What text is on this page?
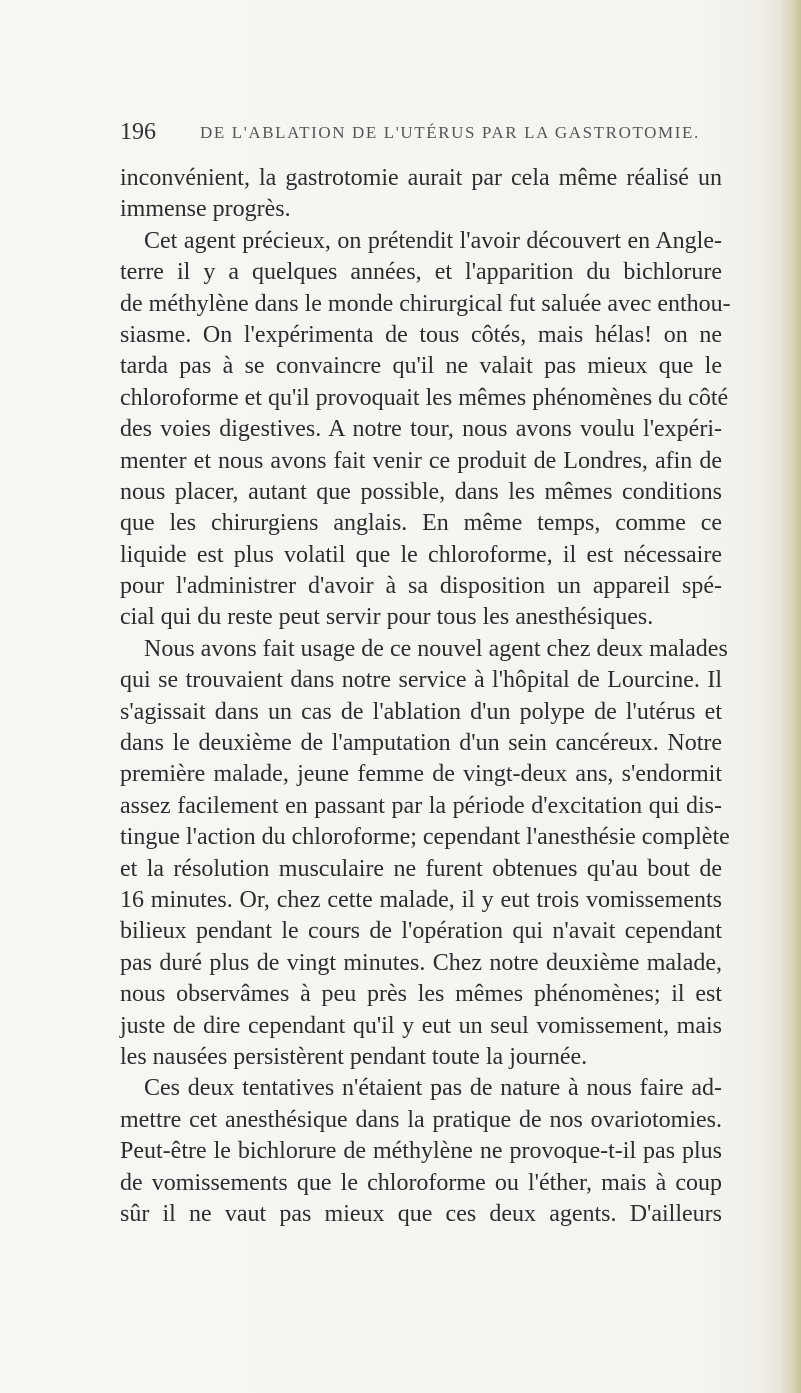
196	DE L'ABLATION DE L'UTÉRUS PAR LA GASTROTOMIE.
inconvénient, la gastrotomie aurait par cela même réalisé un
immense progrès.
Cet agent précieux, on prétendit l'avoir découvert en Angle-
terre il y a quelques années, et l'apparition du bichlorure
de méthylène dans le monde chirurgical fut saluée avec enthou-
siasme. On l'expérimenta de tous côtés, mais hélas! on ne
tarda pas à se convaincre qu'il ne valait pas mieux que le
chloroforme et qu'il provoquait les mêmes phénomènes du côté
des voies digestives. A notre tour, nous avons voulu l'expéri-
menter et nous avons fait venir ce produit de Londres, afin de
nous placer, autant que possible, dans les mêmes conditions
que les chirurgiens anglais. En même temps, comme ce
liquide est plus volatil que le chloroforme, il est nécessaire
pour l'administrer d'avoir à sa disposition un appareil spé-
cial qui du reste peut servir pour tous les anesthésiques.
Nous avons fait usage de ce nouvel agent chez deux malades
qui se trouvaient dans notre service à l'hôpital de Lourcine. Il
s'agissait dans un cas de l'ablation d'un polype de l'utérus et
dans le deuxième de l'amputation d'un sein cancéreux. Notre
première malade, jeune femme de vingt-deux ans, s'endormit
assez facilement en passant par la période d'excitation qui dis-
tingue l'action du chloroforme; cependant l'anesthésie complète
et la résolution musculaire ne furent obtenues qu'au bout de
16 minutes. Or, chez cette malade, il y eut trois vomissements
bilieux pendant le cours de l'opération qui n'avait cependant
pas duré plus de vingt minutes. Chez notre deuxième malade,
nous observâmes à peu près les mêmes phénomènes; il est
juste de dire cependant qu'il y eut un seul vomissement, mais
les nausées persistèrent pendant toute la journée.
Ces deux tentatives n'étaient pas de nature à nous faire ad-
mettre cet anesthésique dans la pratique de nos ovariotomies.
Peut-être le bichlorure de méthylène ne provoque-t-il pas plus
de vomissements que le chloroforme ou l'éther, mais à coup
sûr il ne vaut pas mieux que ces deux agents. D'ailleurs
